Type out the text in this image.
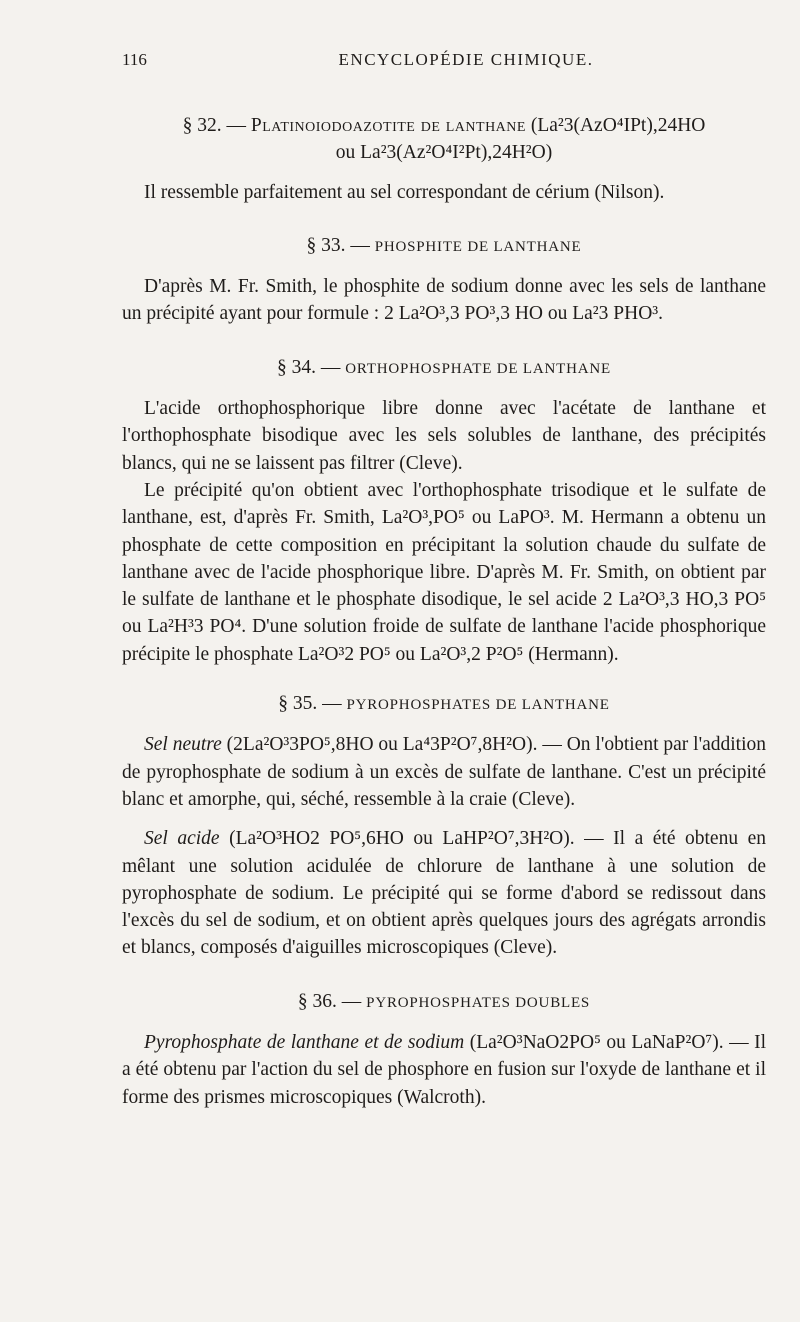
116	ENCYCLOPÉDIE CHIMIQUE.
§ 32. — Platinoiodoazotite de lanthane (La²3(AzO⁴IPt),24HO
ou La²3(Az²O⁴I²Pt),24H²O)

Il ressemble parfaitement au sel correspondant de cérium (Nilson).

§ 33. — PHOSPHITE DE LANTHANE

D'après M. Fr. Smith, le phosphite de sodium donne avec les sels de lanthane un précipité ayant pour formule : 2 La²O³,3 PO³,3 HO ou La²3 PHO³.

§ 34. — ORTHOPHOSPHATE DE LANTHANE

L'acide orthophosphorique libre donne avec l'acétate de lanthane et l'orthophosphate bisodique avec les sels solubles de lanthane, des précipités blancs, qui ne se laissent pas filtrer (Cleve).

Le précipité qu'on obtient avec l'orthophosphate trisodique et le sulfate de lanthane, est, d'après Fr. Smith, La²O³,PO⁵ ou LaPO³. M. Hermann a obtenu un phosphate de cette composition en précipitant la solution chaude du sulfate de lanthane avec de l'acide phosphorique libre. D'après M. Fr. Smith, on obtient par le sulfate de lanthane et le phosphate disodique, le sel acide 2 La²O³,3 HO,3 PO⁵ ou La²H³3 PO⁴. D'une solution froide de sulfate de lanthane l'acide phosphorique précipite le phosphate La²O³2 PO⁵ ou La²O³,2 P²O⁵ (Hermann).

§ 35. — PYROPHOSPHATES DE LANTHANE

Sel neutre (2La²O³3PO⁵,8HO ou La⁴3P²O⁷,8H²O). — On l'obtient par l'addition de pyrophosphate de sodium à un excès de sulfate de lanthane. C'est un précipité blanc et amorphe, qui, séché, ressemble à la craie (Cleve).

Sel acide (La²O³HO2 PO⁵,6HO ou LaHP²O⁷,3H²O). — Il a été obtenu en mêlant une solution acidulée de chlorure de lanthane à une solution de pyrophosphate de sodium. Le précipité qui se forme d'abord se redissout dans l'excès du sel de sodium, et on obtient après quelques jours des agrégats arrondis et blancs, composés d'aiguilles microscopiques (Cleve).

§ 36. — PYROPHOSPHATES DOUBLES

Pyrophosphate de lanthane et de sodium (La²O³NaO2PO⁵ ou LaNaP²O⁷). — Il a été obtenu par l'action du sel de phosphore en fusion sur l'oxyde de lanthane et il forme des prismes microscopiques (Walcroth).
